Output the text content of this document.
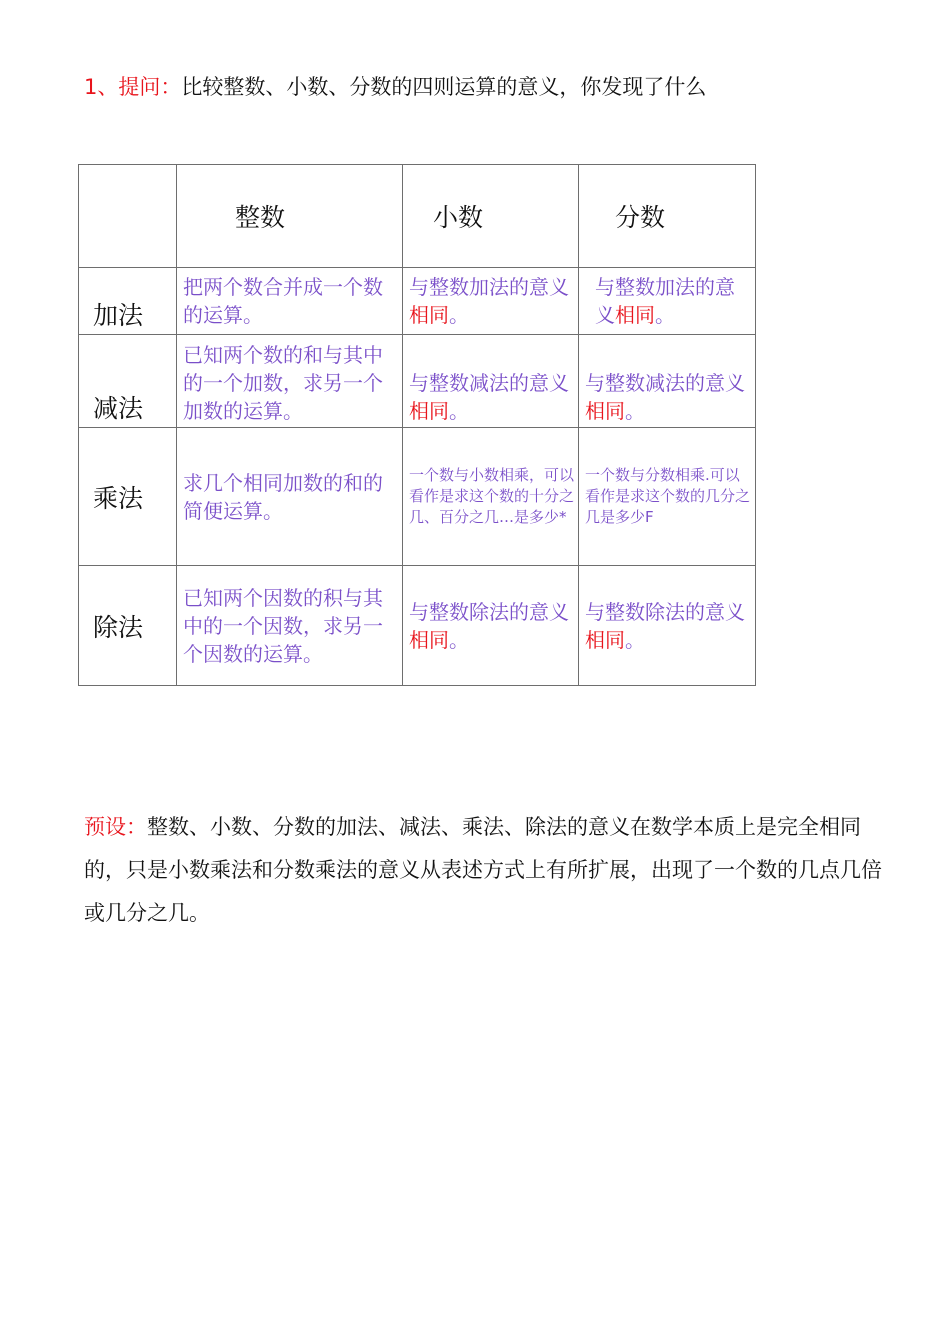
1、提问：比较整数、小数、分数的四则运算的意义，你发现了什么
	整数	小数	分数

加法	把两个数合并成一个数的运算。	与整数加法的意义相同。	与整数加法的意义相同。

减法	已知两个数的和与其中的一个加数，求另一个加数的运算。	与整数减法的意义相同。	与整数减法的意义相同。

乘法	求几个相同加数的和的简便运算。	一个数与小数相乘，可以看作是求这个数的十分之几、百分之几…是多少*	一个数与分数相乘.可以看作是求这个数的几分之几是多少F

除法	已知两个因数的积与其中的一个因数，求另一个因数的运算。	与整数除法的意义相同。	与整数除法的意义相同。
预设：整数、小数、分数的加法、减法、乘法、除法的意义在数学本质上是完全相同的，只是小数乘法和分数乘法的意义从表述方式上有所扩展，出现了一个数的几点几倍或几分之几。
